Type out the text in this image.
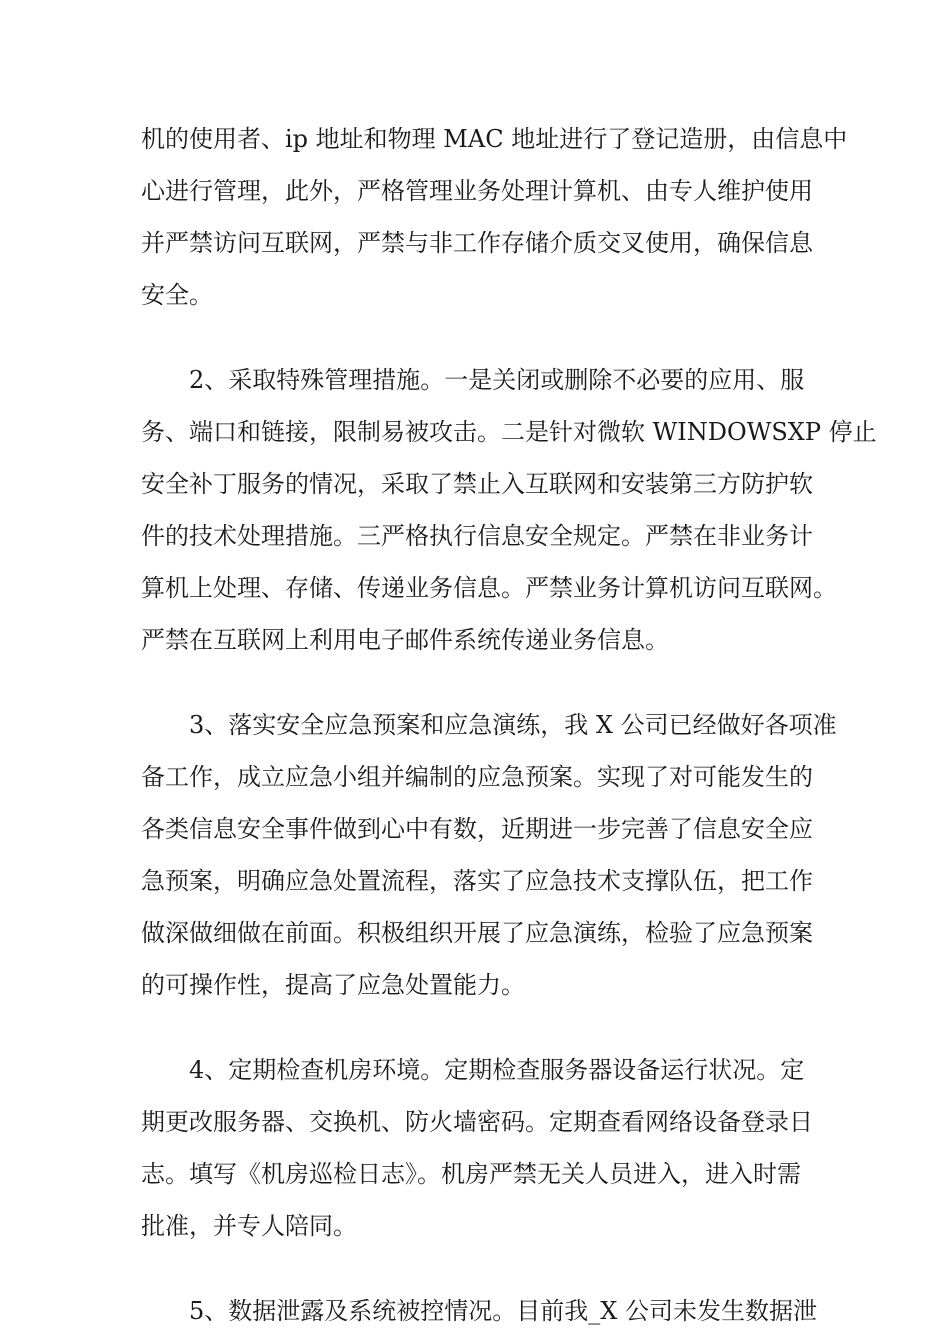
机的使用者、ip 地址和物理 MAC 地址进行了登记造册，由信息中
心进行管理，此外，严格管理业务处理计算机、由专人维护使用
并严禁访问互联网，严禁与非工作存储介质交叉使用，确保信息
安全。
2、采取特殊管理措施。一是关闭或删除不必要的应用、服
务、端口和链接，限制易被攻击。二是针对微软 WINDOWSXP 停止
安全补丁服务的情况，采取了禁止入互联网和安装第三方防护软
件的技术处理措施。三严格执行信息安全规定。严禁在非业务计
算机上处理、存储、传递业务信息。严禁业务计算机访问互联网。
严禁在互联网上利用电子邮件系统传递业务信息。
3、落实安全应急预案和应急演练，我 X 公司已经做好各项准
备工作，成立应急小组并编制的应急预案。实现了对可能发生的
各类信息安全事件做到心中有数，近期进一步完善了信息安全应
急预案，明确应急处置流程，落实了应急技术支撑队伍，把工作
做深做细做在前面。积极组织开展了应急演练，检验了应急预案
的可操作性，提高了应急处置能力。
4、定期检查机房环境。定期检查服务器设备运行状况。定
期更改服务器、交换机、防火墙密码。定期查看网络设备登录日
志。填写《机房巡检日志》。机房严禁无关人员进入，进入时需
批准，并专人陪同。
5、数据泄露及系统被控情况。目前我_X 公司未发生数据泄
